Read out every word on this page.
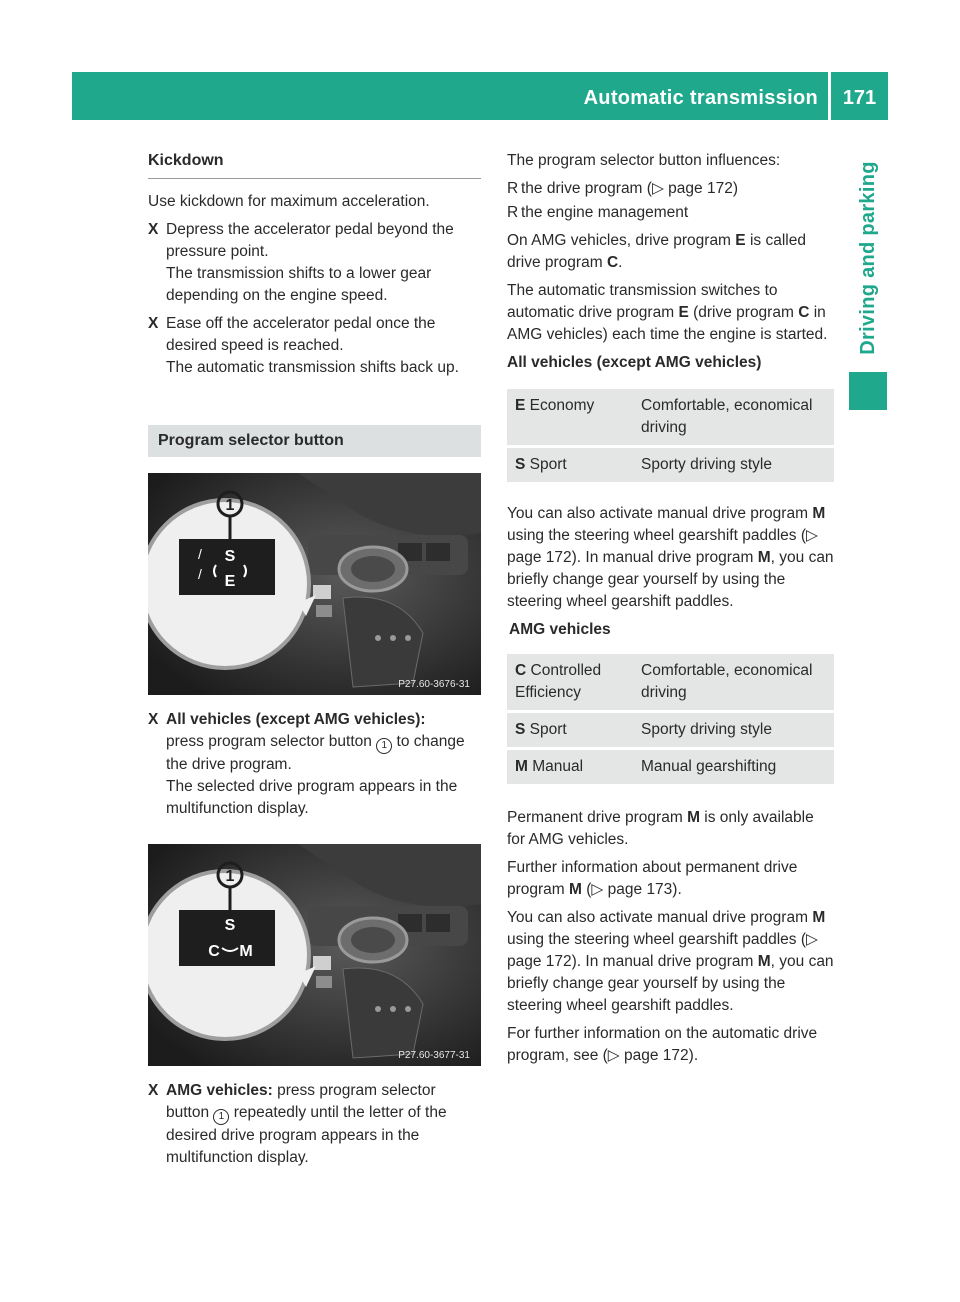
Automatic transmission	171
Driving and parking
Kickdown

Use kickdown for maximum acceleration.

X Depress the accelerator pedal beyond the pressure point.
The transmission shifts to a lower gear depending on the engine speed.
X Ease off the accelerator pedal once the desired speed is reached.
The automatic transmission shifts back up.
Program selector button
1
/
/
S
E
P27.60-3676-31
X All vehicles (except AMG vehicles):
press program selector button 1 to change the drive program.
The selected drive program appears in the multifunction display.
1
S
C M
P27.60-3677-31
X AMG vehicles: press program selector button 1 repeatedly until the letter of the desired drive program appears in the multifunction display.

The program selector button influences:

R the drive program (▷ page 172)
R the engine management

On AMG vehicles, drive program E is called drive program C.

The automatic transmission switches to automatic drive program E (drive program C in AMG vehicles) each time the engine is started.

All vehicles (except AMG vehicles)

E Economy	Comfortable, economical driving
S Sport	Sporty driving style

You can also activate manual drive program M using the steering wheel gearshift paddles (▷ page 172). In manual drive program M, you can briefly change gear yourself by using the steering wheel gearshift paddles.

AMG vehicles
C Controlled Efficiency	Comfortable, economical driving
S Sport	Sporty driving style
M Manual	Manual gearshifting

Permanent drive program M is only available for AMG vehicles.

Further information about permanent drive program M (▷ page 173).

You can also activate manual drive program M using the steering wheel gearshift paddles (▷ page 172). In manual drive program M, you can briefly change gear yourself by using the steering wheel gearshift paddles.

For further information on the automatic drive program, see (▷ page 172).
